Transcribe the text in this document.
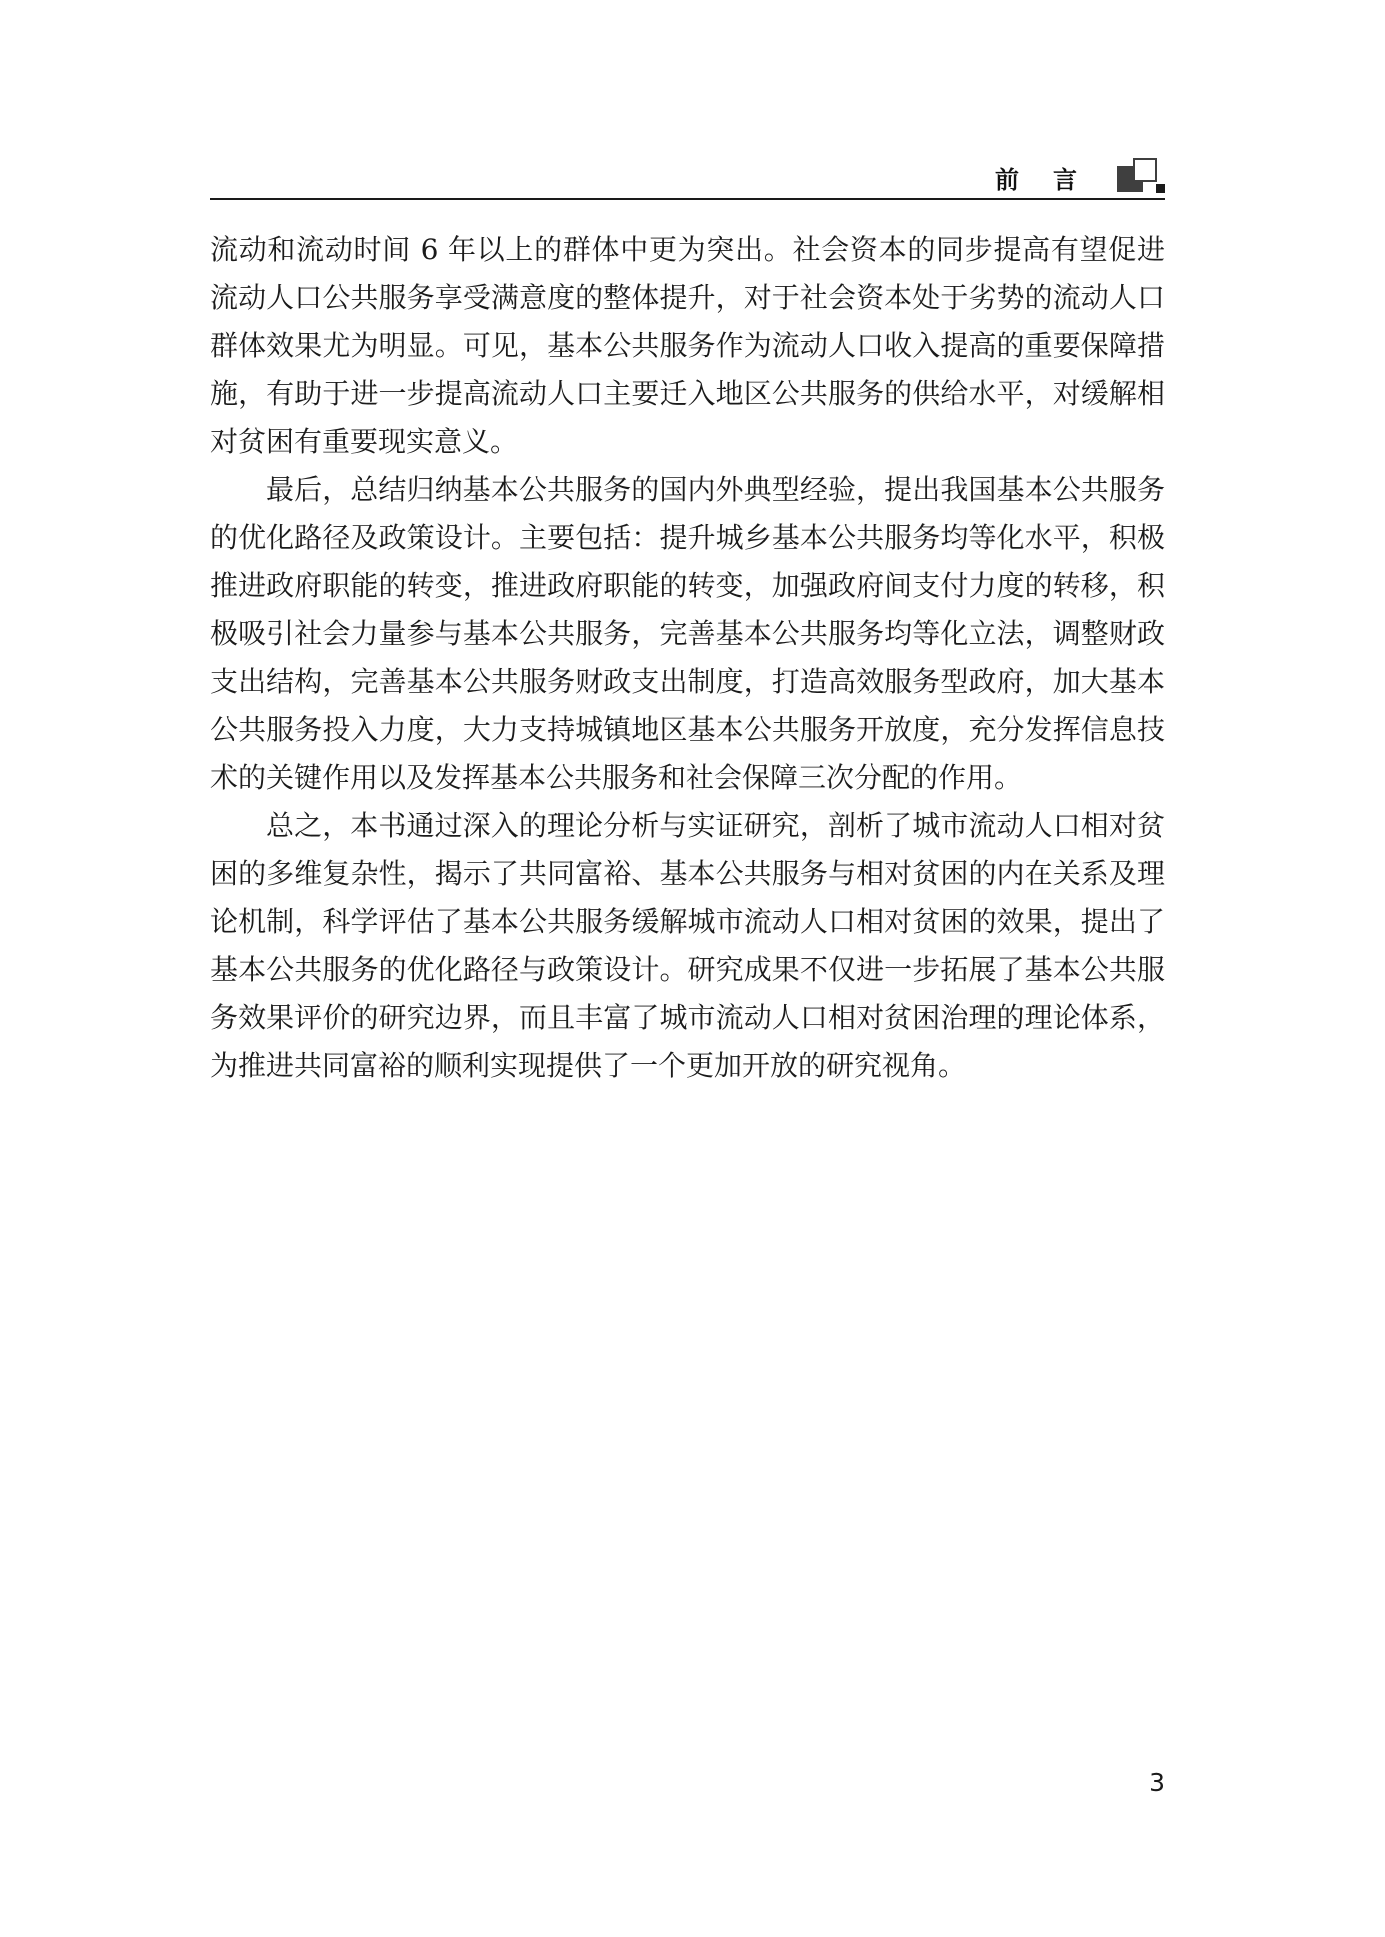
前言

流动和流动时间 6 年以上的群体中更为突出。社会资本的同步提高有望促进流动人口公共服务享受满意度的整体提升，对于社会资本处于劣势的流动人口群体效果尤为明显。可见，基本公共服务作为流动人口收入提高的重要保障措施，有助于进一步提高流动人口主要迁入地区公共服务的供给水平，对缓解相对贫困有重要现实意义。

最后，总结归纳基本公共服务的国内外典型经验，提出我国基本公共服务的优化路径及政策设计。主要包括：提升城乡基本公共服务均等化水平，积极推进政府职能的转变，推进政府职能的转变，加强政府间支付力度的转移，积极吸引社会力量参与基本公共服务，完善基本公共服务均等化立法，调整财政支出结构，完善基本公共服务财政支出制度，打造高效服务型政府，加大基本公共服务投入力度，大力支持城镇地区基本公共服务开放度，充分发挥信息技术的关键作用以及发挥基本公共服务和社会保障三次分配的作用。

总之，本书通过深入的理论分析与实证研究，剖析了城市流动人口相对贫困的多维复杂性，揭示了共同富裕、基本公共服务与相对贫困的内在关系及理论机制，科学评估了基本公共服务缓解城市流动人口相对贫困的效果，提出了基本公共服务的优化路径与政策设计。研究成果不仅进一步拓展了基本公共服务效果评价的研究边界，而且丰富了城市流动人口相对贫困治理的理论体系，为推进共同富裕的顺利实现提供了一个更加开放的研究视角。

3
